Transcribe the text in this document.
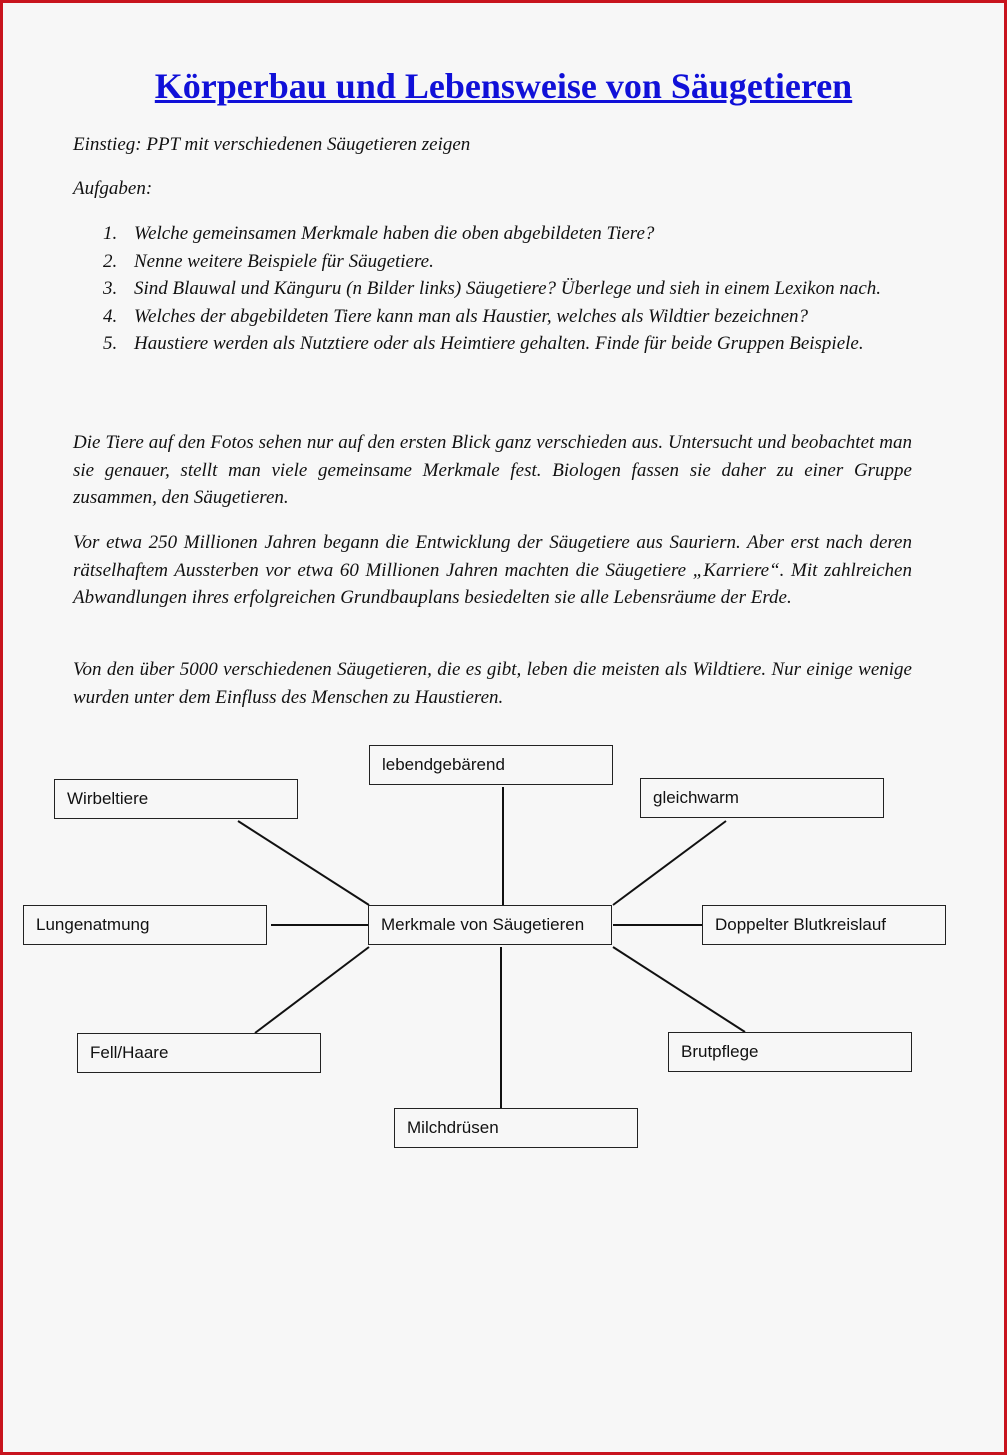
Körperbau und Lebensweise von Säugetieren
Einstieg: PPT mit verschiedenen Säugetieren zeigen
Aufgaben:
1. Welche gemeinsamen Merkmale haben die oben abgebildeten Tiere?
2. Nenne weitere Beispiele für Säugetiere.
3. Sind Blauwal und Känguru (n Bilder links) Säugetiere? Überlege und sieh in einem Lexikon nach.
4. Welches der abgebildeten Tiere kann man als Haustier, welches als Wildtier bezeichnen?
5. Haustiere werden als Nutztiere oder als Heimtiere gehalten. Finde für beide Gruppen Beispiele.
Die Tiere auf den Fotos sehen nur auf den ersten Blick ganz verschieden aus. Untersucht und beobachtet man sie genauer, stellt man viele gemeinsame Merkmale fest. Biologen fassen sie daher zu einer Gruppe zusammen, den Säugetieren.
Vor etwa 250 Millionen Jahren begann die Entwicklung der Säugetiere aus Sauriern. Aber erst nach deren rätselhaftem Aussterben vor etwa 60 Millionen Jahren machten die Säugetiere „Karriere“. Mit zahlreichen Abwandlungen ihres erfolgreichen Grundbauplans besiedelten sie alle Lebensräume der Erde.
Von den über 5000 verschiedenen Säugetieren, die es gibt, leben die meisten als Wildtiere. Nur einige wenige wurden unter dem Einfluss des Menschen zu Haustieren.
lebendgebärend
Wirbeltiere	gleichwarm
Lungenatmung	Merkmale von Säugetieren	Doppelter Blutkreislauf
Fell/Haare	Brutpflege
Milchdrüsen
